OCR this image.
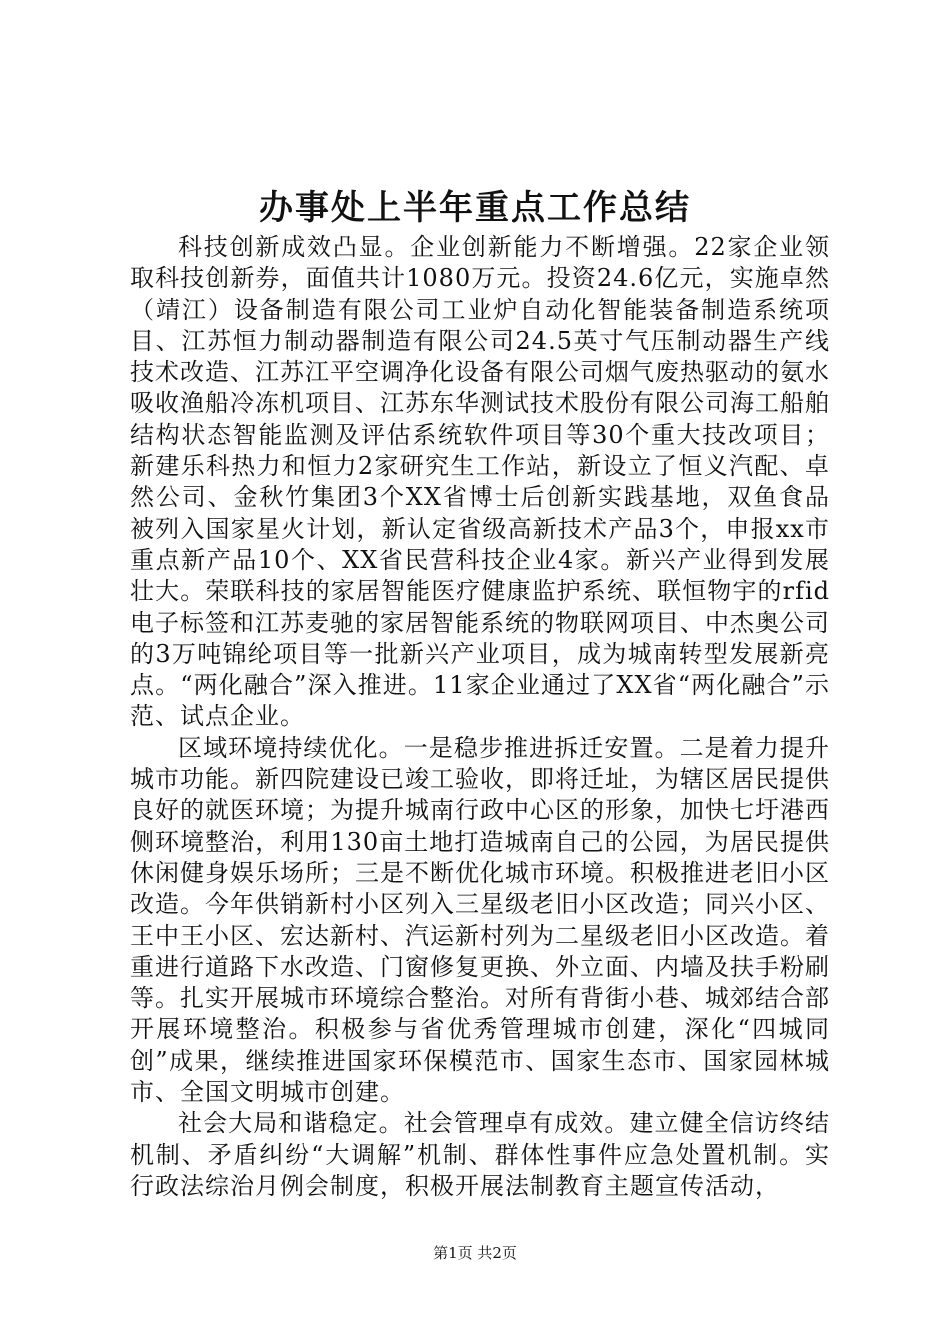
办事处上半年重点工作总结

科技创新成效凸显。企业创新能力不断增强。22家企业领取科技创新券，面值共计1080万元。投资24.6亿元，实施卓然（靖江）设备制造有限公司工业炉自动化智能装备制造系统项目、江苏恒力制动器制造有限公司24.5英寸气压制动器生产线技术改造、江苏江平空调净化设备有限公司烟气废热驱动的氨水吸收渔船冷冻机项目、江苏东华测试技术股份有限公司海工船舶结构状态智能监测及评估系统软件项目等30个重大技改项目；新建乐科热力和恒力2家研究生工作站，新设立了恒义汽配、卓然公司、金秋竹集团3个XX省博士后创新实践基地，双鱼食品被列入国家星火计划，新认定省级高新技术产品3个，申报xx市重点新产品10个、XX省民营科技企业4家。新兴产业得到发展壮大。荣联科技的家居智能医疗健康监护系统、联恒物宇的rfid电子标签和江苏麦驰的家居智能系统的物联网项目、中杰奥公司的3万吨锦纶项目等一批新兴产业项目，成为城南转型发展新亮点。“两化融合”深入推进。11家企业通过了XX省“两化融合”示范、试点企业。

区域环境持续优化。一是稳步推进拆迁安置。二是着力提升城市功能。新四院建设已竣工验收，即将迁址，为辖区居民提供良好的就医环境；为提升城南行政中心区的形象，加快七圩港西侧环境整治，利用130亩土地打造城南自己的公园，为居民提供休闲健身娱乐场所；三是不断优化城市环境。积极推进老旧小区改造。今年供销新村小区列入三星级老旧小区改造；同兴小区、王中王小区、宏达新村、汽运新村列为二星级老旧小区改造。着重进行道路下水改造、门窗修复更换、外立面、内墙及扶手粉刷等。扎实开展城市环境综合整治。对所有背街小巷、城郊结合部开展环境整治。积极参与省优秀管理城市创建，深化“四城同创”成果，继续推进国家环保模范市、国家生态市、国家园林城市、全国文明城市创建。

社会大局和谐稳定。社会管理卓有成效。建立健全信访终结机制、矛盾纠纷“大调解”机制、群体性事件应急处置机制。实行政法综治月例会制度，积极开展法制教育主题宣传活动，

第1页 共2页
